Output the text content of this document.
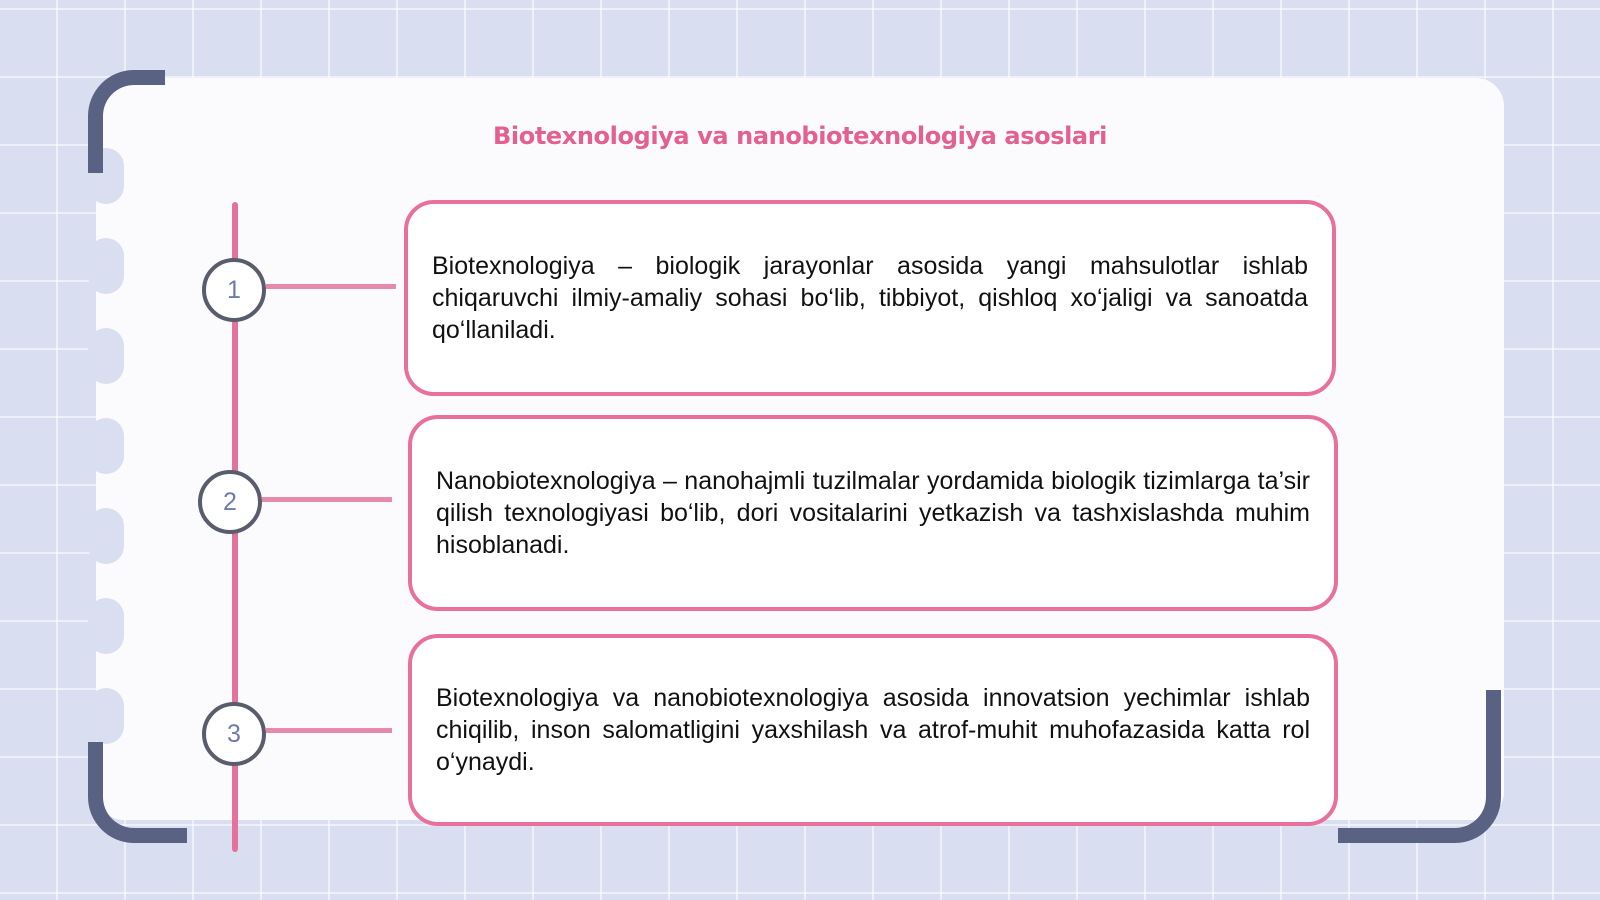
Biotexnologiya va nanobiotexnologiya asoslari
1
Biotexnologiya – biologik jarayonlar asosida yangi mahsulotlar ishlab chiqaruvchi ilmiy-amaliy sohasi bo‘lib, tibbiyot, qishloq xo‘jaligi va sanoatda qo‘llaniladi.
2
Nanobiotexnologiya – nanohajmli tuzilmalar yordamida biologik tizimlarga ta’sir qilish texnologiyasi bo‘lib, dori vositalarini yetkazish va tashxislashda muhim hisoblanadi.
3
Biotexnologiya va nanobiotexnologiya asosida innovatsion yechimlar ishlab chiqilib, inson salomatligini yaxshilash va atrof-muhit muhofazasida katta rol o‘ynaydi.
